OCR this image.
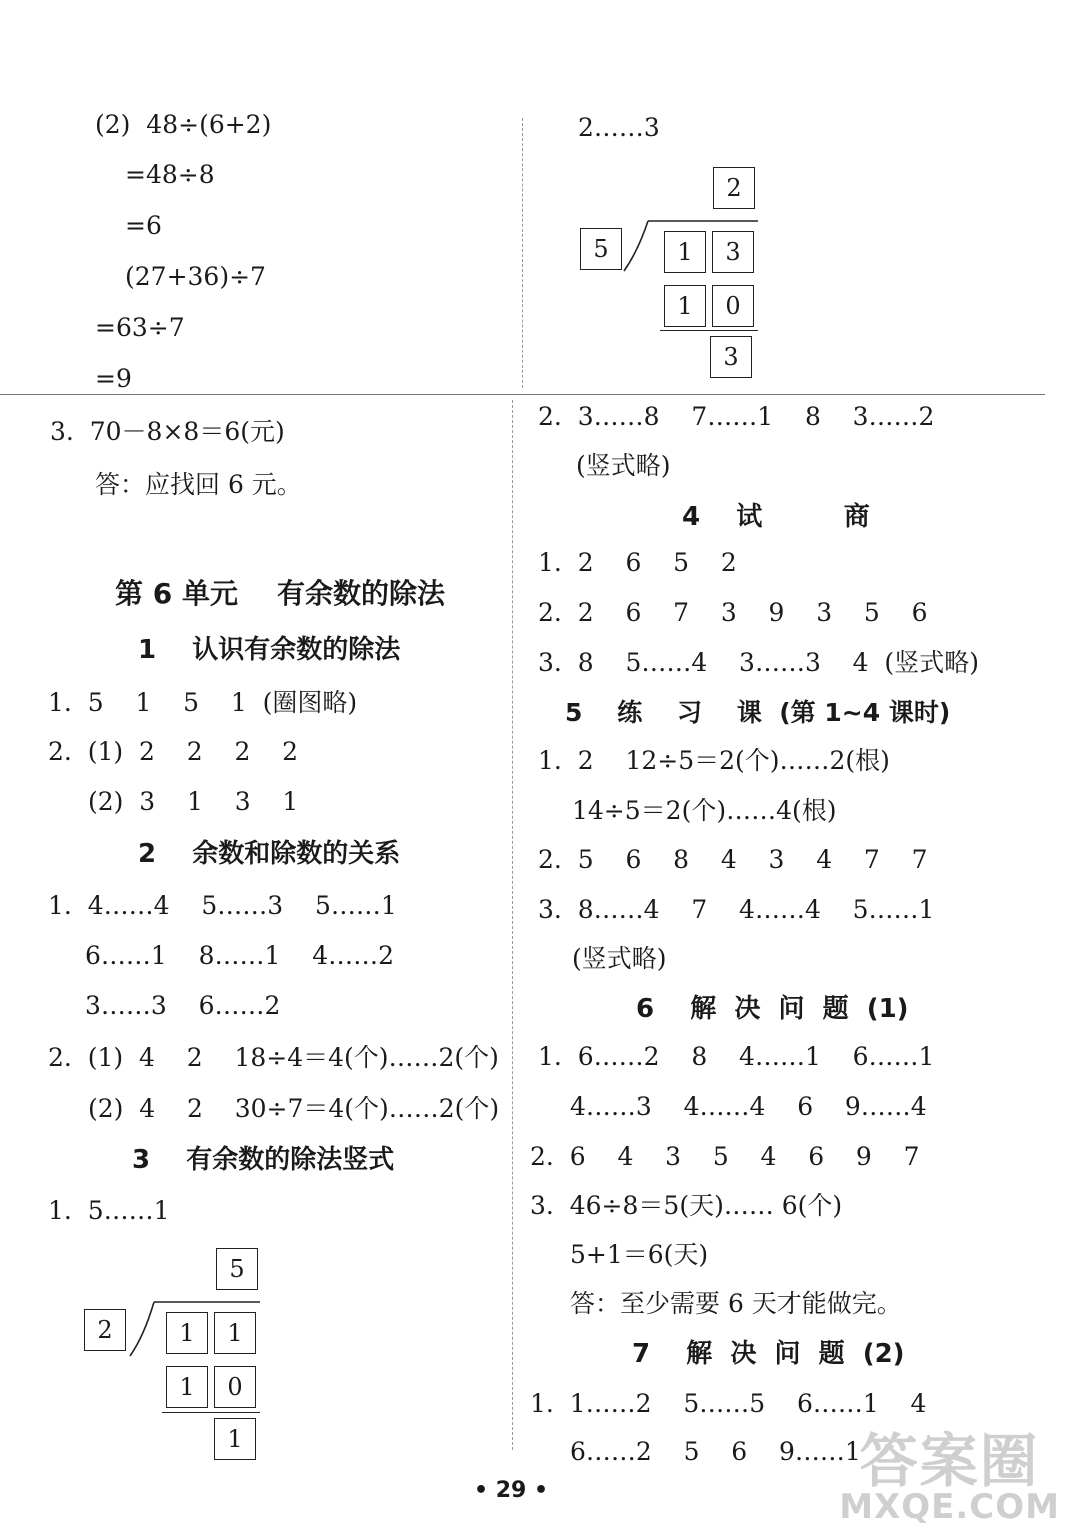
(2)  48÷(6+2)
=48÷8
=6
(27+36)÷7
=63÷7
=9
3.  70－8×8＝6(元)
答：应找回 6 元。
第 6 单元    有余数的除法
1    认识有余数的除法
1.  5    1    5    1  (圈图略)
2.  (1)  2    2    2    2
(2)  3    1    3    1
2    余数和除数的关系
1.  4……4    5……3    5……1
6……1    8……1    4……2
3……3    6……2
2.  (1)  4    2    18÷4＝4(个)……2(个)
(2)  4    2    30÷7＝4(个)……2(个)
3    有余数的除法竖式
1.  5……1
5
2	1	1
1	0
1
2……3
2
5	1	3
1	0
3
2.  3……8    7……1    8    3……2
(竖式略)
4    试         商
1.  2    6    5    2
2.  2    6    7    3    9    3    5    6
3.  8    5……4    3……3    4  (竖式略)
5    练    习    课  (第 1~4 课时)
1.  2    12÷5＝2(个)……2(根)
14÷5＝2(个)……4(根)
2.  5    6    8    4    3    4    7    7
3.  8……4    7    4……4    5……1
(竖式略)
6    解  决  问  题  (1)
1.  6……2    8    4……1    6……1
4……3    4……4    6    9……4
2.  6    4    3    5    4    6    9    7
3.  46÷8＝5(天)…… 6(个)
5+1＝6(天)
答：至少需要 6 天才能做完。
7    解  决  问  题  (2)
1.  1……2    5……5    6……1    4
6……2    5    6    9……1
• 29 •	答案圈
MXQE.COM
